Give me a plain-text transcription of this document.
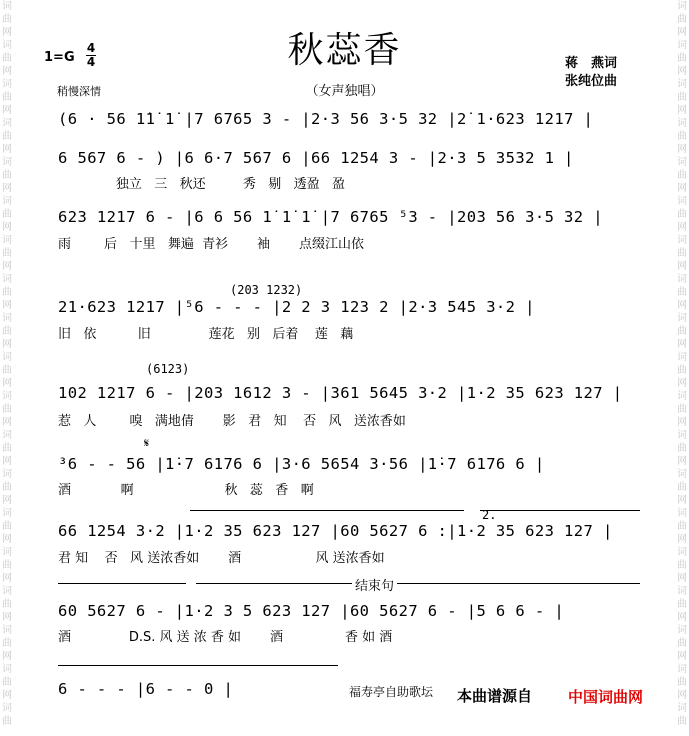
词
曲
网
词
曲
网
词
曲
网
词
曲
网
词
曲
网
词
曲
网
词
曲
网
词
曲
网
词
曲
网
词
曲
网
词
曲
网
词
曲
网
词
曲
网
词
曲
网
词
曲
网
词
曲
网
词
曲
网
词
曲
网
词
曲
词
曲
网
词
曲
网
词
曲
网
词
曲
网
词
曲
网
词
曲
网
词
曲
网
词
曲
网
词
曲
网
词
曲
网
词
曲
网
词
曲
网
词
曲
网
词
曲
网
词
曲
网
词
曲
网
词
曲
网
词
曲
网
词
曲
秋蕊香
（女声独唱）
1=G
4
4
稍慢深情
蒋　燕词
张纯位曲
(6 · 56 1̇1̇ 1̇ |7 6765 3 - |2·3 56 3·5 32 |2̇ 1·623 1217 |
6 567 6 - ) |6 6·7 567 6 |66 1254 3 - |2·3 5 3532 1 |
独立   三   秋还         秀   剔   透盈   盈
623 1217 6 - |6 6 56 1̇ 1̇ 1̇ |7 6765 ⁵3 - |203 56 3·5 32 |
雨        后   十里   舞遍  青衫       袖       点缀江山依
(203 1232)
21·623 1217 |⁵6 - - - |2 2 3 123 2 |2·3 545 3·2 |
旧   依          旧              莲花   别   后着    莲   藕
(6123)
102 1217 6 - |203 1612 3 - |361 5645 3·2 |1·2 35 623 127 |
惹   人        嗅   满地倩       影   君   知    否   风   送浓香如
𝄋
³6 - - 56 |1̇·7 6176 6 |3·6 5654 3·56 |1̇·7 6176 6 |
酒            啊                      秋   蕊   香   啊
2.
66 1254 3·2 |1·2 35 623 127 |60 5627 6 :|1·2 35 623 127 |
君 知    否   风 送浓香如       酒                  风 送浓香如
结束句
60 5627 6 - |1·2 3 5 623 127 |60 5627 6 - |5 6 6 - |
酒              D.S. 风 送 浓 香 如       酒               香 如 酒
6 - - - |6 - - 0 |	福寿亭自助歌坛 本曲谱源自 中国词曲网
